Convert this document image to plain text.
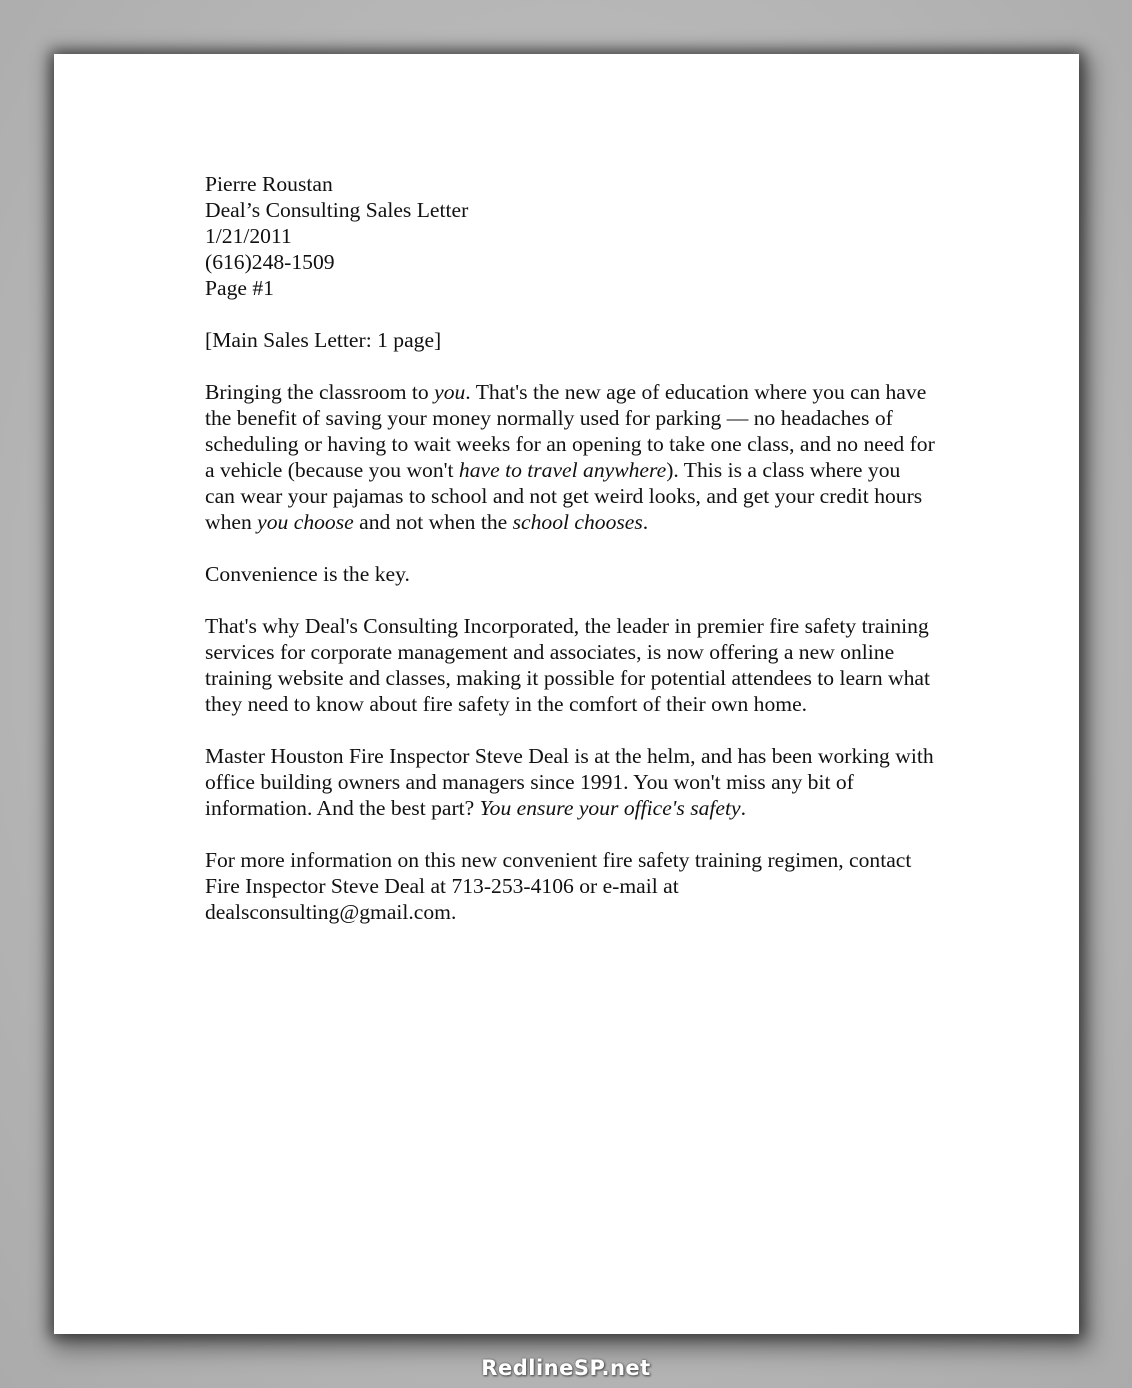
Pierre Roustan
Deal’s Consulting Sales Letter
1/21/2011
(616)248-1509
Page #1

[Main Sales Letter: 1 page]

Bringing the classroom to you. That's the new age of education where you can have the benefit of saving your money normally used for parking — no headaches of scheduling or having to wait weeks for an opening to take one class, and no need for a vehicle (because you won't have to travel anywhere). This is a class where you can wear your pajamas to school and not get weird looks, and get your credit hours when you choose and not when the school chooses.

Convenience is the key.

That's why Deal's Consulting Incorporated, the leader in premier fire safety training services for corporate management and associates, is now offering a new online training website and classes, making it possible for potential attendees to learn what they need to know about fire safety in the comfort of their own home.

Master Houston Fire Inspector Steve Deal is at the helm, and has been working with office building owners and managers since 1991. You won't miss any bit of information. And the best part? You ensure your office's safety.

For more information on this new convenient fire safety training regimen, contact Fire Inspector Steve Deal at 713-253-4106 or e-mail at dealsconsulting@gmail.com.

RedlineSP.net
